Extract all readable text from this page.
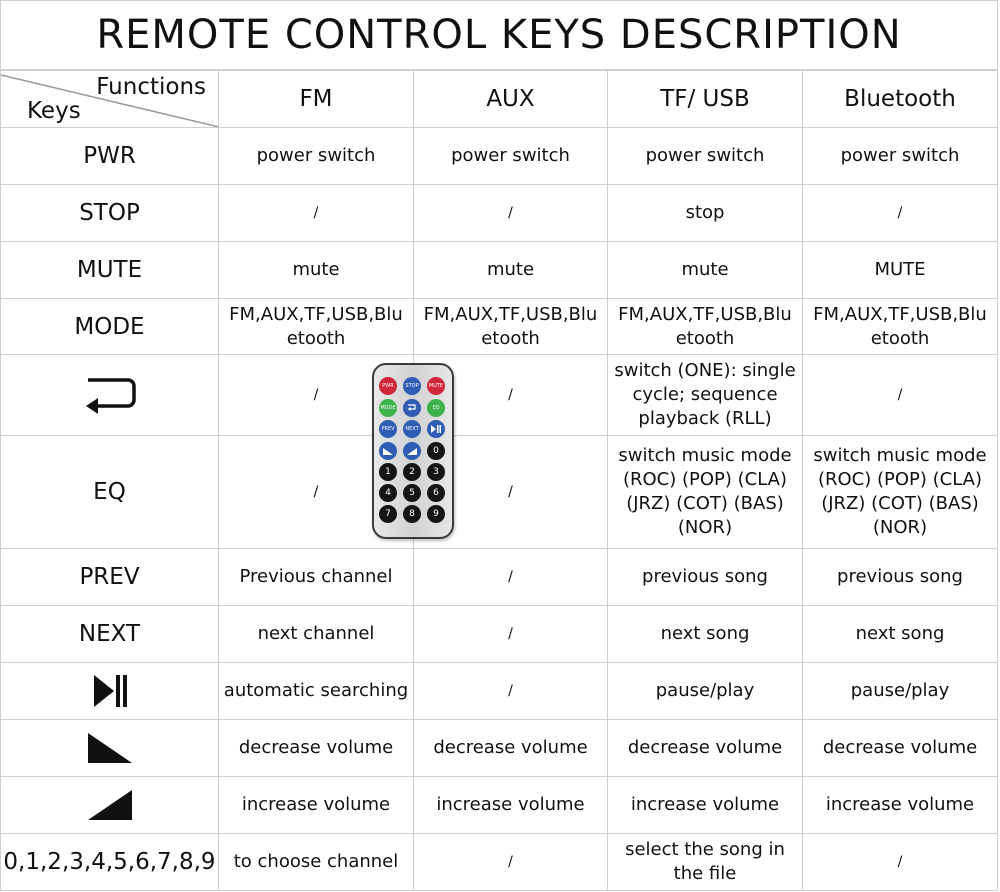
REMOTE CONTROL KEYS DESCRIPTION
Functions
Keys	FM	AUX	TF/ USB	Bluetooth
PWR	power switch	power switch	power switch	power switch
STOP	/	/	stop	/
MUTE	mute	mute	mute	MUTE
MODE	FM,AUX,TF,USB,Blu etooth	FM,AUX,TF,USB,Blu etooth	FM,AUX,TF,USB,Blu etooth	FM,AUX,TF,USB,Blu etooth

	/	/	switch (ONE): single cycle; sequence playback (RLL)	/
EQ	/	/	switch music mode (ROC) (POP) (CLA) (JRZ) (COT) (BAS) (NOR)	switch music mode (ROC) (POP) (CLA) (JRZ) (COT) (BAS) (NOR)
PREV	Previous channel	/	previous song	previous song
NEXT	next channel	/	next song	next song

	automatic searching	/	pause/play	pause/play

	decrease volume	decrease volume	decrease volume	decrease volume

	increase volume	increase volume	increase volume	increase volume
0,1,2,3,4,5,6,7,8,9	to choose channel	/	select the song in the file	/
PWR	STOP	MUTE
MODE	EQ
PREV	NEXT
0
1	2	3
4	5	6
7	8	9
